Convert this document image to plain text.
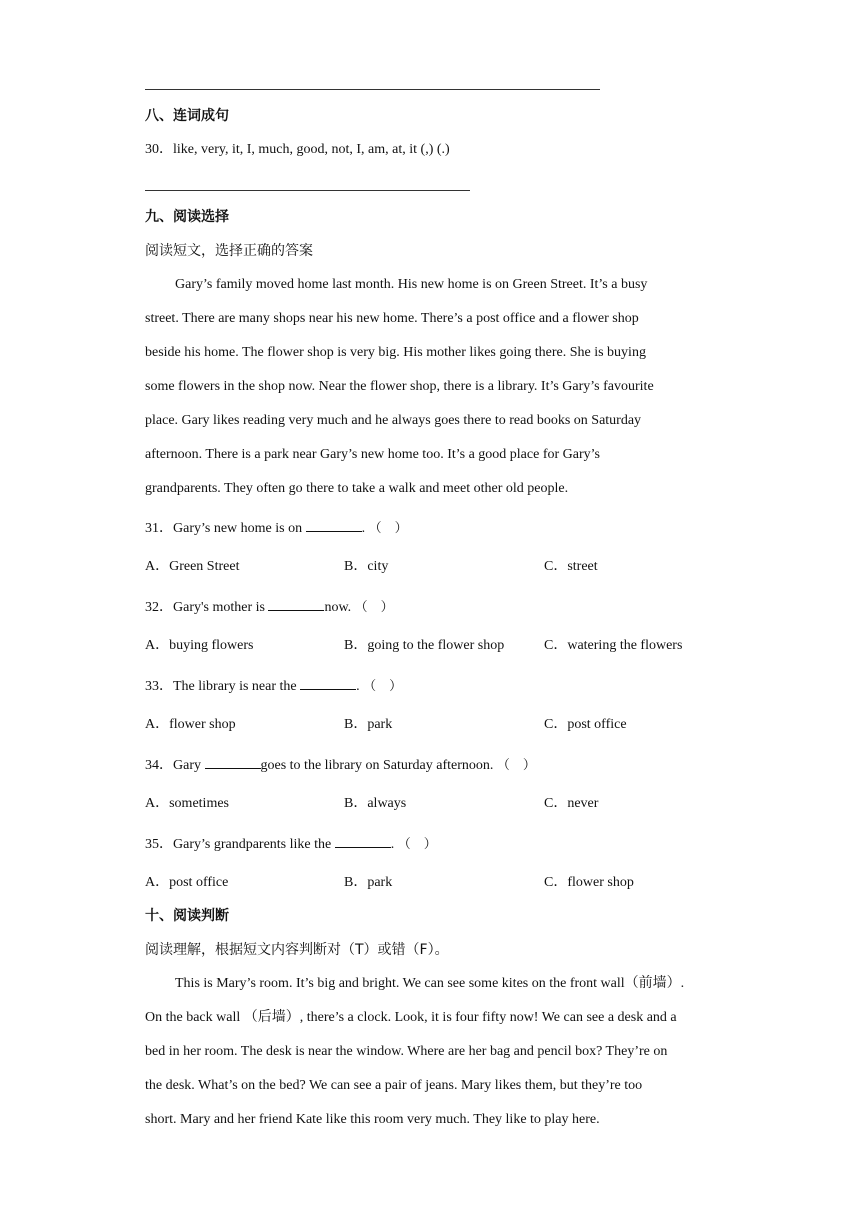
八、连词成句
30．like, very, it, I, much, good, not, I, am, at, it (,) (.)
九、阅读选择
阅读短文，选择正确的答案
Gary’s family moved home last month. His new home is on Green Street. It’s a busy
street. There are many shops near his new home. There’s a post office and a flower shop
beside his home. The flower shop is very big. His mother likes going there. She is buying
some flowers in the shop now. Near the flower shop, there is a library. It’s Gary’s favourite
place. Gary likes reading very much and he always goes there to read books on Saturday
afternoon. There is a park near Gary’s new home too. It’s a good place for Gary’s
grandparents. They often go there to take a walk and meet other old people.
31．Gary’s new home is on	. （　）
A．Green Street	B．city	C．street
32．Gary's mother is	now. （　）
A．buying flowers	B．going to the flower shop	C．watering the flowers
33．The library is near the	. （　）
A．flower shop	B．park	C．post office
34．Gary	goes to the library on Saturday afternoon. （　）
A．sometimes	B．always	C．never
35．Gary’s grandparents like the	. （　）
A．post office	B．park	C．flower shop
十、阅读判断
阅读理解，根据短文内容判断对（T）或错（F）。
This is Mary’s room. It’s big and bright. We can see some kites on the front wall（前墙）.
On the back wall （后墙）, there’s a clock. Look, it is four fifty now! We can see a desk and a
bed in her room. The desk is near the window. Where are her bag and pencil box? They’re on
the desk. What’s on the bed? We can see a pair of jeans. Mary likes them, but they’re too
short. Mary and her friend Kate like this room very much. They like to play here.
